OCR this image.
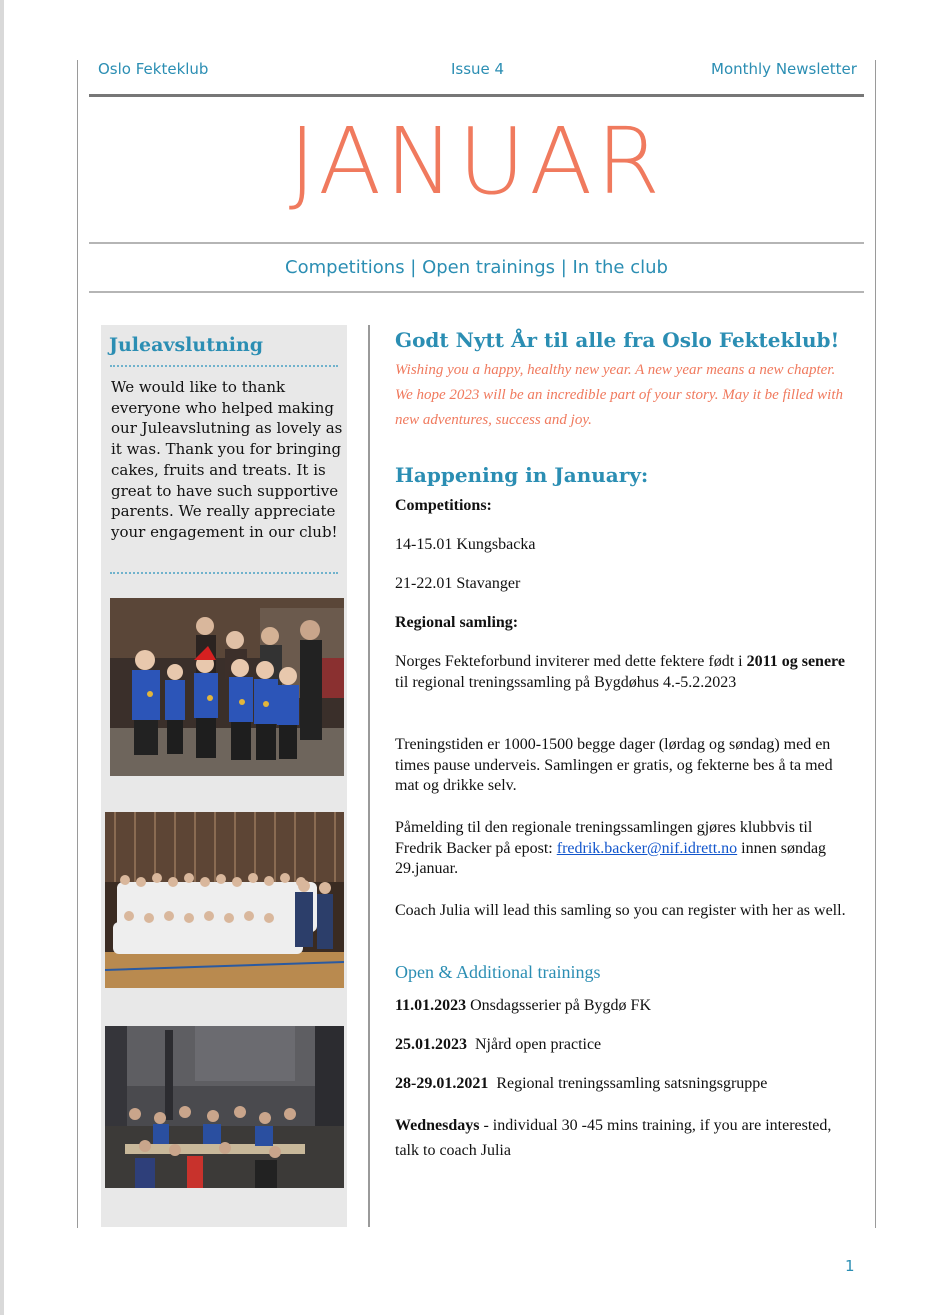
Oslo Fekteklub	Issue 4	Monthly Newsletter
JANUAR
Competitions | Open trainings | In the club
Juleavslutning
We would like to thank everyone who helped making our Juleavslutning as lovely as it was. Thank you for bringing cakes, fruits and treats. It is great to have such supportive parents. We really appreciate your engagement in our club!
Godt Nytt År til alle fra Oslo Fekteklub!
Wishing you a happy, healthy new year. A new year means a new chapter. We hope 2023 will be an incredible part of your story. May it be filled with new adventures, success and joy.
Happening in January:
Competitions:
14-15.01 Kungsbacka
21-22.01 Stavanger
Regional samling:
Norges Fekteforbund inviterer med dette fektere født i 2011 og senere til regional treningssamling på Bygdøhus 4.-5.2.2023
Treningstiden er 1000-1500 begge dager (lørdag og søndag) med en times pause underveis. Samlingen er gratis, og fekterne bes å ta med mat og drikke selv.
Påmelding til den regionale treningssamlingen gjøres klubbvis til Fredrik Backer på epost: fredrik.backer@nif.idrett.no innen søndag 29.januar.
Coach Julia will lead this samling so you can register with her as well.
Open & Additional trainings
11.01.2023 Onsdagsserier på Bygdø FK
25.01.2023  Njård open practice
28-29.01.2021  Regional treningssamling satsningsgruppe
Wednesdays - individual 30 -45 mins training, if you are interested, talk to coach Julia
1
